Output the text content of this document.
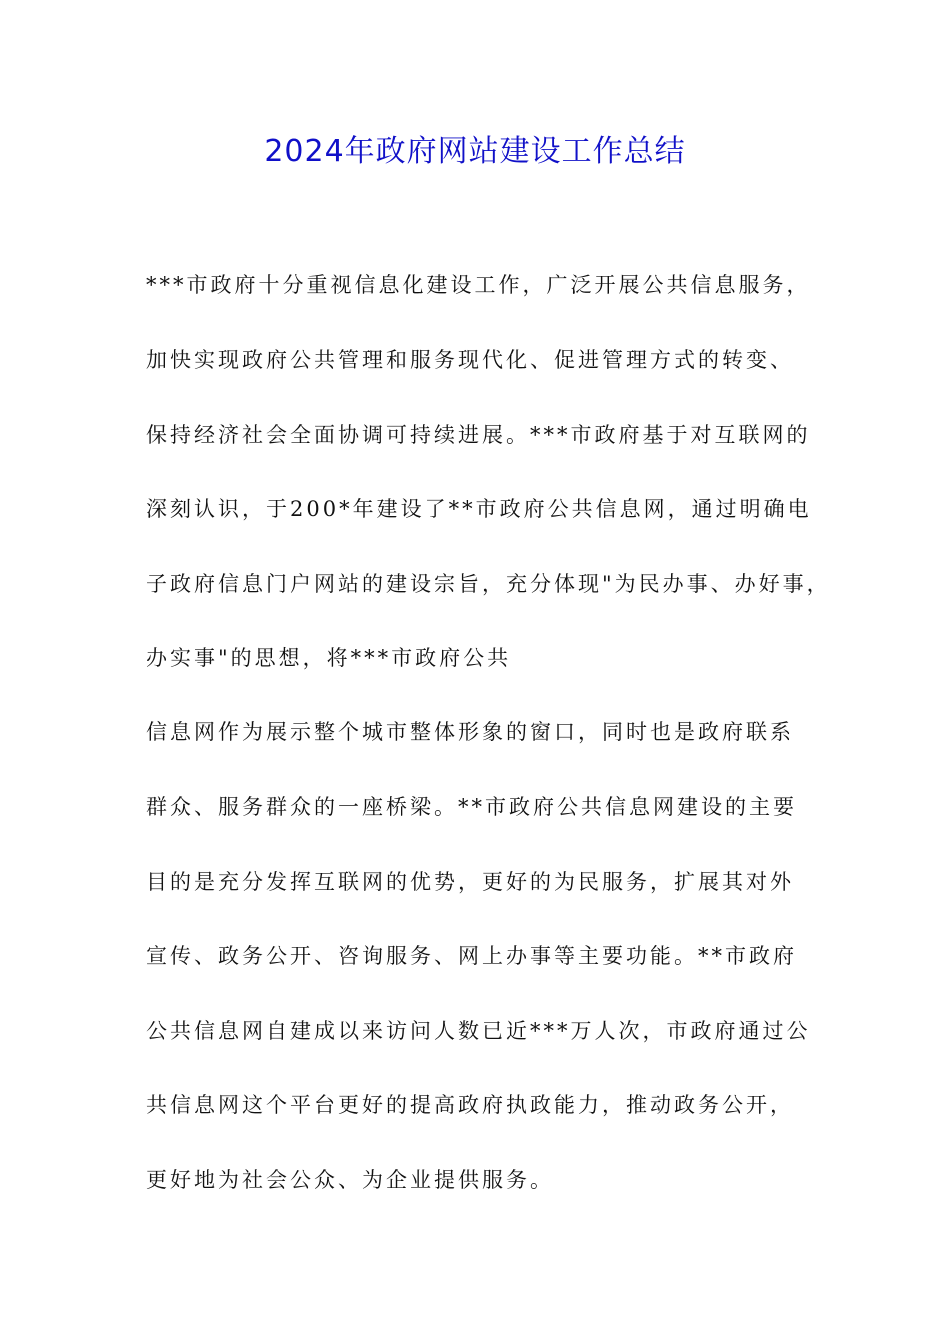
2024年政府网站建设工作总结
***市政府十分重视信息化建设工作，广泛开展公共信息服务，
加快实现政府公共管理和服务现代化、促进管理方式的转变、
保持经济社会全面协调可持续进展。***市政府基于对互联网的
深刻认识，于200*年建设了**市政府公共信息网，通过明确电
子政府信息门户网站的建设宗旨，充分体现"为民办事、办好事，
办实事"的思想，将***市政府公共
信息网作为展示整个城市整体形象的窗口，同时也是政府联系
群众、服务群众的一座桥梁。**市政府公共信息网建设的主要
目的是充分发挥互联网的优势，更好的为民服务，扩展其对外
宣传、政务公开、咨询服务、网上办事等主要功能。**市政府
公共信息网自建成以来访问人数已近***万人次，市政府通过公
共信息网这个平台更好的提高政府执政能力，推动政务公开，
更好地为社会公众、为企业提供服务。
